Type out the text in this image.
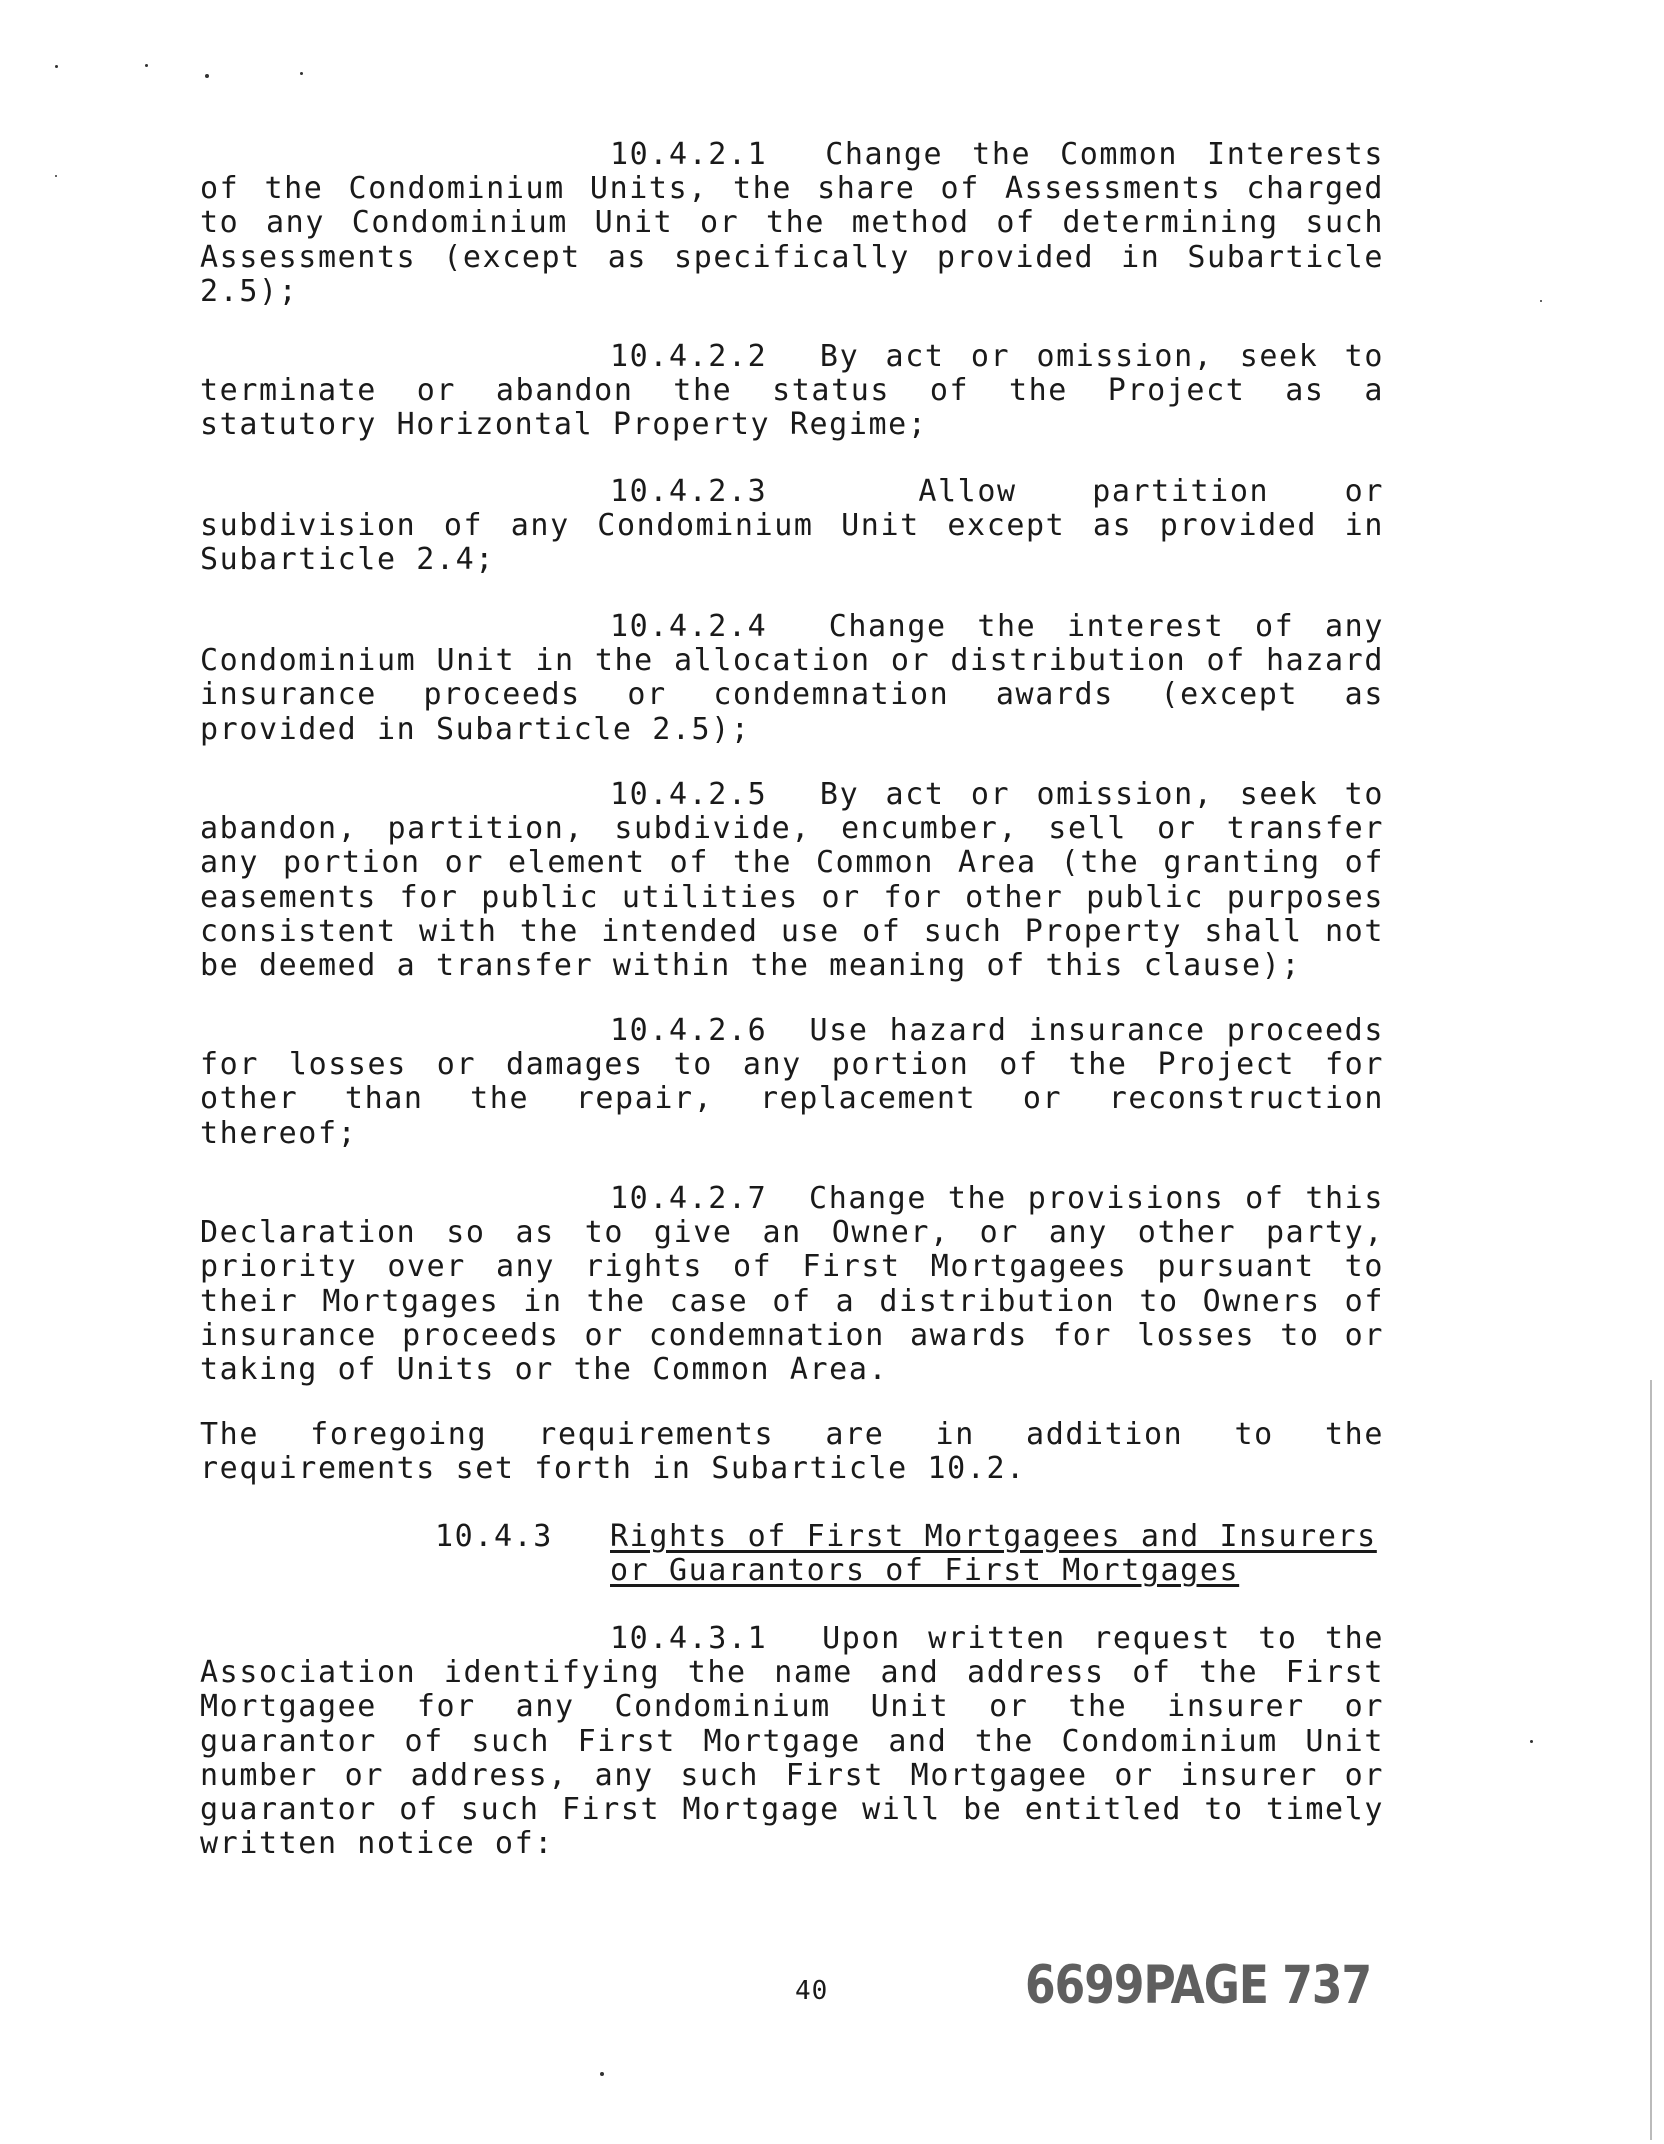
10.4.2.1 Change the Common Interests of the Condominium Units, the share of Assessments charged to any Condominium Unit or the method of determining such Assessments (except as specifically provided in Subarticle 2.5);
10.4.2.2 By act or omission, seek to terminate or abandon the status of the Project as a statutory Horizontal Property Regime;
10.4.2.3	Allow partition or subdivision of any Condominium Unit except as provided in Subarticle 2.4;
10.4.2.4 Change the interest of any Condominium Unit in the allocation or distribution of hazard insurance proceeds or condemnation awards (except as provided in Subarticle 2.5);
10.4.2.5 By act or omission, seek to abandon, partition, subdivide, encumber, sell or transfer any portion or element of the Common Area (the granting of easements for public utilities or for other public purposes consistent with the intended use of such Property shall not be deemed a transfer within the meaning of this clause);
10.4.2.6 Use hazard insurance proceeds for losses or damages to any portion of the Project for other than the repair, replacement or reconstruction thereof;
10.4.2.7 Change the provisions of this Declaration so as to give an Owner, or any other party, priority over any rights of First Mortgagees pursuant to their Mortgages in the case of a distribution to Owners of insurance proceeds or condemnation awards for losses to or taking of Units or the Common Area.
The foregoing requirements are in addition to the requirements set forth in Subarticle 10.2.
10.4.3 Rights of First Mortgagees and Insurers
or Guarantors of First Mortgages
10.4.3.1 Upon written request to the Association identifying the name and address of the First Mortgagee for any Condominium Unit or the insurer or guarantor of such First Mortgage and the Condominium Unit number or address, any such First Mortgagee or insurer or guarantor of such First Mortgage will be entitled to timely written notice of:
40	6699PAGE 737
